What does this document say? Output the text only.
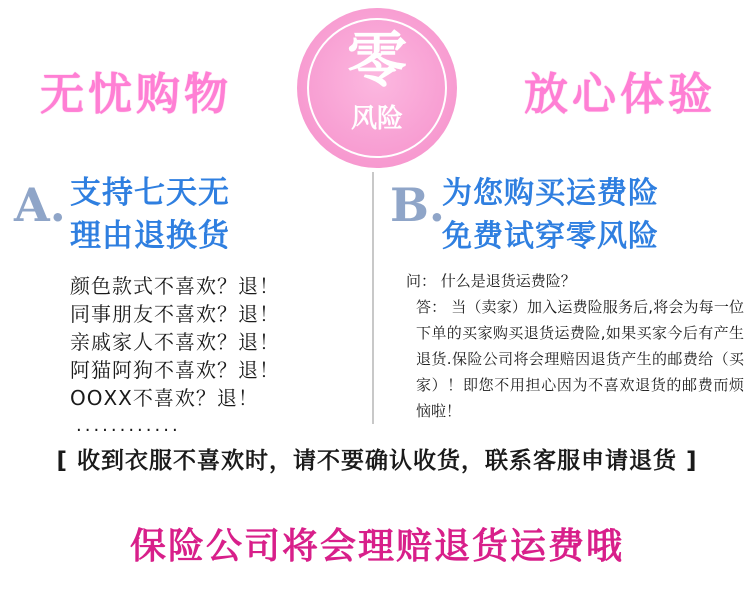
无忧购物	零
风险	放心体验
A. 支持七天无
理由退换货
颜色款式不喜欢？退！
同事朋友不喜欢？退！
亲戚家人不喜欢？退！
阿猫阿狗不喜欢？退！
ООХХ不喜欢？退！
............
B.
为您购买运费险
免费试穿零风险
问： 什么是退货运费险？
答： 当（卖家）加入运费险服务后,将会为每一位下单的买家购买退货运费险,如果买家今后有产生退货.保险公司将会理赔因退货产生的邮费给（买家）！即您不用担心因为不喜欢退货的邮费而烦恼啦！
[ 收到衣服不喜欢时，请不要确认收货，联系客服申请退货 ]
保险公司将会理赔退货运费哦
